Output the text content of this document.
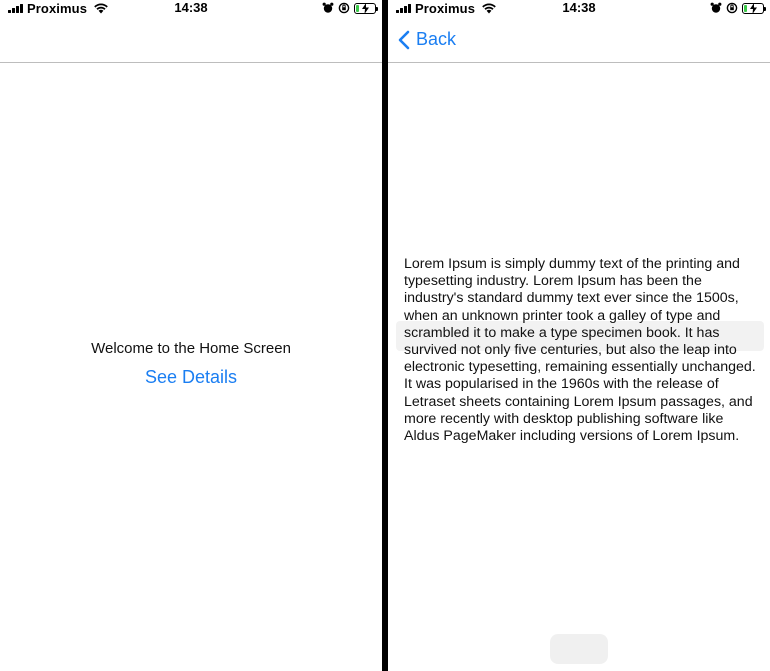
Proximus	14:38
Welcome to the Home Screen
See Details
Proximus	14:38
Back
Lorem Ipsum is simply dummy text of the printing and typesetting industry. Lorem Ipsum has been the industry's standard dummy text ever since the 1500s, when an unknown printer took a galley of type and scrambled it to make a type specimen book. It has survived not only five centuries, but also the leap into electronic typesetting, remaining essentially unchanged. It was popularised in the 1960s with the release of Letraset sheets containing Lorem Ipsum passages, and more recently with desktop publishing software like Aldus PageMaker including versions of Lorem Ipsum.
